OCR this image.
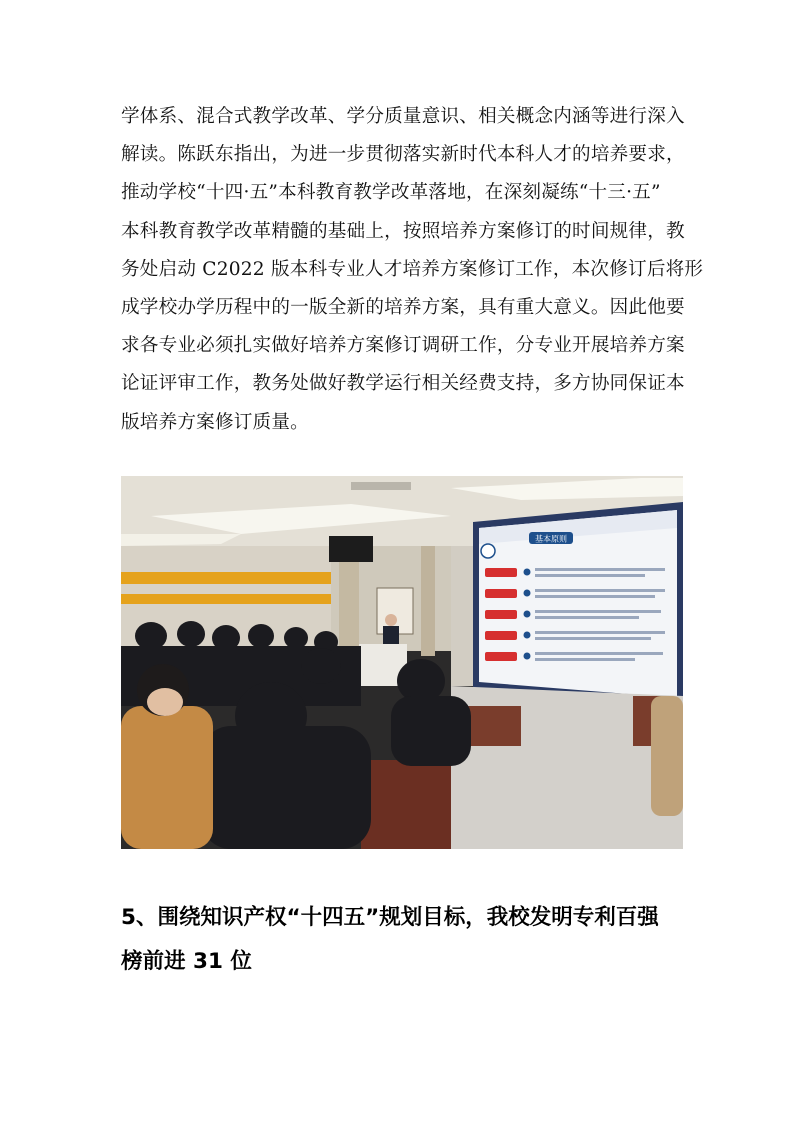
学体系、混合式教学改革、学分质量意识、相关概念内涵等进行深入

解读。陈跃东指出，为进一步贯彻落实新时代本科人才的培养要求，

推动学校“十四·五”本科教育教学改革落地，在深刻凝练“十三·五”

本科教育教学改革精髓的基础上，按照培养方案修订的时间规律，教

务处启动 C2022 版本科专业人才培养方案修订工作，本次修订后将形

成学校办学历程中的一版全新的培养方案，具有重大意义。因此他要

求各专业必须扎实做好培养方案修订调研工作，分专业开展培养方案

论证评审工作，教务处做好教学运行相关经费支持，多方协同保证本

版培养方案修订质量。

基本原则

5、围绕知识产权“十四五”规划目标，我校发明专利百强

榜前进 31 位
